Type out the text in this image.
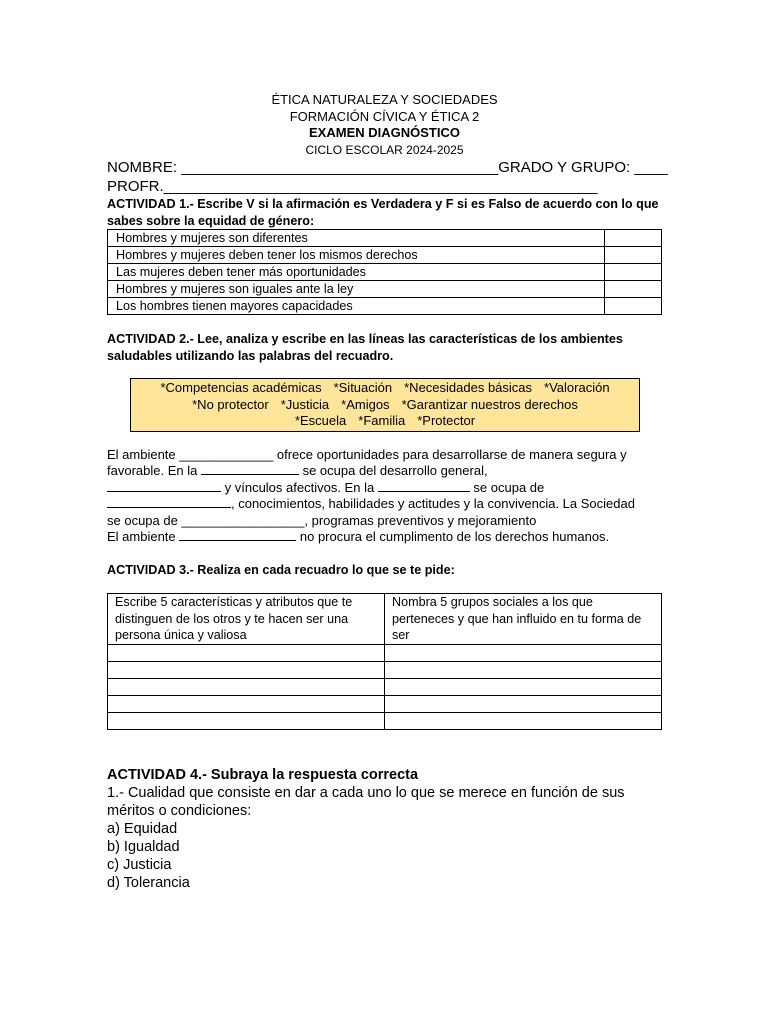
ÉTICA NATURALEZA Y SOCIEDADES
FORMACIÓN CÍVICA Y ÉTICA 2
EXAMEN DIAGNÓSTICO
CICLO ESCOLAR 2024-2025
NOMBRE: ______________________________________GRADO Y GRUPO: ____
PROFR.____________________________________________________
ACTIVIDAD 1.- Escribe V si la afirmación es Verdadera y F si es Falso de acuerdo con lo que sabes sobre la equidad de género:
Hombres y mujeres son diferentes	
Hombres y mujeres deben tener los mismos derechos	
Las mujeres deben tener más oportunidades	
Hombres y mujeres son iguales ante la ley	
Los hombres tienen mayores capacidades	
ACTIVIDAD 2.- Lee, analiza y escribe en las líneas las características de los ambientes saludables utilizando las palabras del recuadro.
*Competencias académicas *Situación *Necesidades básicas *Valoración
*No protector *Justicia *Amigos *Garantizar nuestros derechos
*Escuela *Familia *Protector

El ambiente _____________ ofrece oportunidades para desarrollarse de manera segura y

favorable. En la	se ocupa del desarrollo general,

y vínculos afectivos. En la	se ocupa de

, conocimientos, habilidades y actitudes y la convivencia. La Sociedad

se ocupa de _________________, programas preventivos y mejoramiento

El ambiente	no procura el cumplimento de los derechos humanos.

ACTIVIDAD 3.- Realiza en cada recuadro lo que se te pide:
Escribe 5 características y atributos que te distinguen de los otros y te hacen ser una persona única y valiosa	Nombra 5 grupos sociales a los que perteneces y que han influido en tu forma de ser

ACTIVIDAD 4.- Subraya la respuesta correcta

1.- Cualidad que consiste en dar a cada uno lo que se merece en función de sus méritos o condiciones:

a) Equidad

b) Igualdad

c) Justicia

d) Tolerancia
